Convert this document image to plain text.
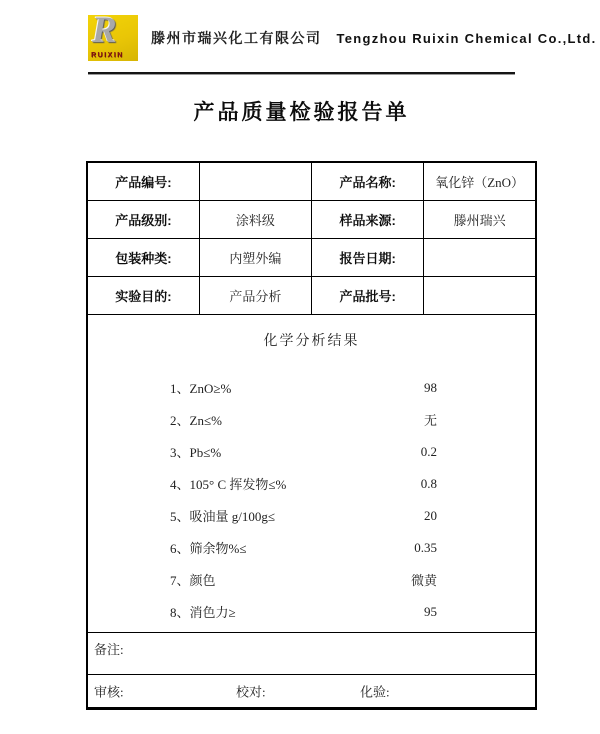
R
RUIXIN
滕州市瑞兴化工有限公司 Tengzhou Ruixin Chemical Co.,Ltd.
产品质量检验报告单
产品编号:		产品名称:	氧化锌（ZnO）
产品级别:	涂料级	样品来源:	滕州瑞兴
包装种类:	内塑外编	报告日期:	
实验目的:	产品分析	产品批号:	

化学分析结果
1、ZnO≥%	98
2、Zn≤%	无
3、Pb≤%	0.2
4、105° C 挥发物≤%	0.8
5、吸油量 g/100g≤	20
6、筛余物%≤	0.35
7、颜色	微黄
8、消色力≥	95

备注:			

审核: 校对: 化验:			
